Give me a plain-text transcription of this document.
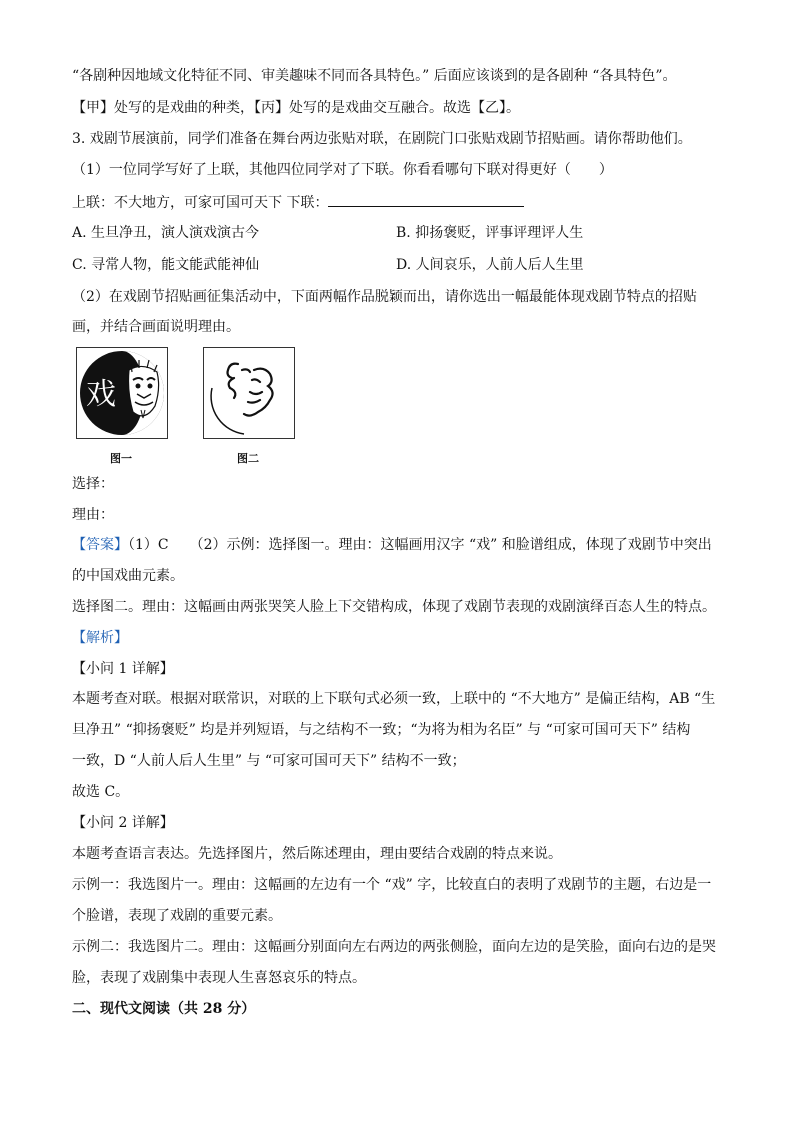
“各剧种因地域文化特征不同、审美趣味不同而各具特色。” 后面应该谈到的是各剧种 “各具特色”。
【甲】处写的是戏曲的种类，【丙】处写的是戏曲交互融合。故选【乙】。
3. 戏剧节展演前，同学们准备在舞台两边张贴对联，在剧院门口张贴戏剧节招贴画。请你帮助他们。
（1）一位同学写好了上联，其他四位同学对了下联。你看看哪句下联对得更好（　　）
上联：不大地方，可家可国可天下 下联：
A. 生旦净丑，演人演戏演古今	B. 抑扬褒贬，评事评理评人生
C. 寻常人物，能文能武能神仙	D. 人间哀乐，人前人后人生里
（2）在戏剧节招贴画征集活动中，下面两幅作品脱颖而出，请你选出一幅最能体现戏剧节特点的招贴
画，并结合画面说明理由。
戏
图一	图二
选择：
理由：
【答案】（1）C　　（2）示例：选择图一。理由：这幅画用汉字 “戏” 和脸谱组成，体现了戏剧节中突出
的中国戏曲元素。
选择图二。理由：这幅画由两张哭笑人脸上下交错构成，体现了戏剧节表现的戏剧演绎百态人生的特点。
【解析】
【小问 1 详解】
本题考查对联。根据对联常识，对联的上下联句式必须一致，上联中的 “不大地方” 是偏正结构，AB “生
旦净丑” “抑扬褒贬” 均是并列短语，与之结构不一致；“为将为相为名臣” 与 “可家可国可天下” 结构
一致，D “人前人后人生里” 与 “可家可国可天下” 结构不一致；
故选 C。
【小问 2 详解】
本题考查语言表达。先选择图片，然后陈述理由，理由要结合戏剧的特点来说。
示例一：我选图片一。理由：这幅画的左边有一个 “戏” 字，比较直白的表明了戏剧节的主题，右边是一
个脸谱，表现了戏剧的重要元素。
示例二：我选图片二。理由：这幅画分别面向左右两边的两张侧脸，面向左边的是笑脸，面向右边的是哭
脸，表现了戏剧集中表现人生喜怒哀乐的特点。
二、现代文阅读（共 28 分）
